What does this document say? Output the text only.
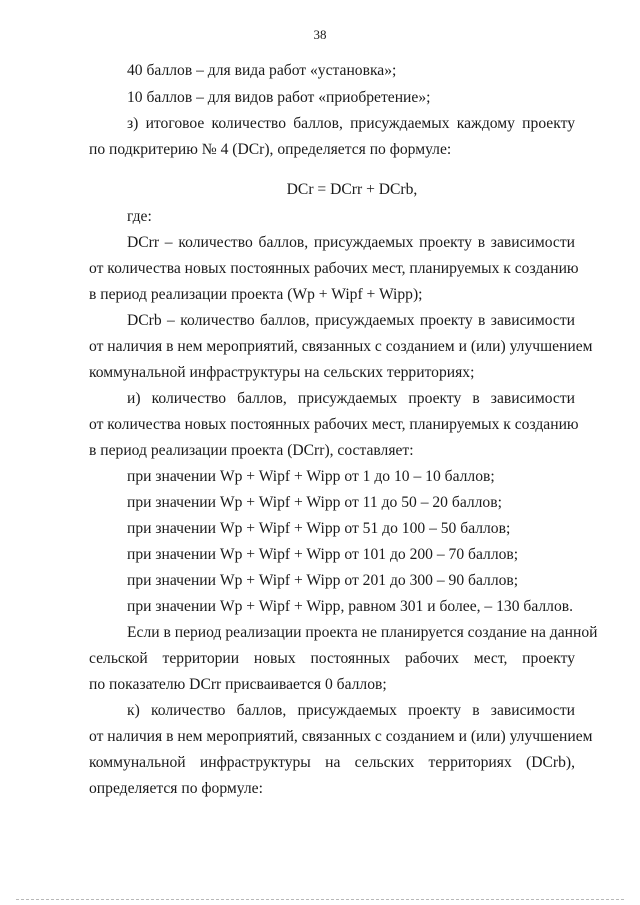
38
40 баллов – для вида работ «установка»;
10 баллов – для видов работ «приобретение»;
з) итоговое количество баллов, присуждаемых каждому проекту
по подкритерию № 4 (DCr), определяется по формуле:
DCr = DCrr + DCrb,
где:
DCrr – количество баллов, присуждаемых проекту в зависимости
от количества новых постоянных рабочих мест, планируемых к созданию
в период реализации проекта (Wp + Wipf + Wipp);
DCrb – количество баллов, присуждаемых проекту в зависимости
от наличия в нем мероприятий, связанных с созданием и (или) улучшением
коммунальной инфраструктуры на сельских территориях;
и) количество баллов, присуждаемых проекту в зависимости
от количества новых постоянных рабочих мест, планируемых к созданию
в период реализации проекта (DCrr), составляет:
при значении Wp + Wipf + Wipp от 1 до 10 – 10 баллов;
при значении Wp + Wipf + Wipp от 11 до 50 – 20 баллов;
при значении Wp + Wipf + Wipp от 51 до 100 – 50 баллов;
при значении Wp + Wipf + Wipp от 101 до 200 – 70 баллов;
при значении Wp + Wipf + Wipp от 201 до 300 – 90 баллов;
при значении Wp + Wipf + Wipp, равном 301 и более, – 130 баллов.
Если в период реализации проекта не планируется создание на данной
сельской территории новых постоянных рабочих мест, проекту
по показателю DCrr присваивается 0 баллов;
к) количество баллов, присуждаемых проекту в зависимости
от наличия в нем мероприятий, связанных с созданием и (или) улучшением
коммунальной инфраструктуры на сельских территориях (DCrb),
определяется по формуле:
